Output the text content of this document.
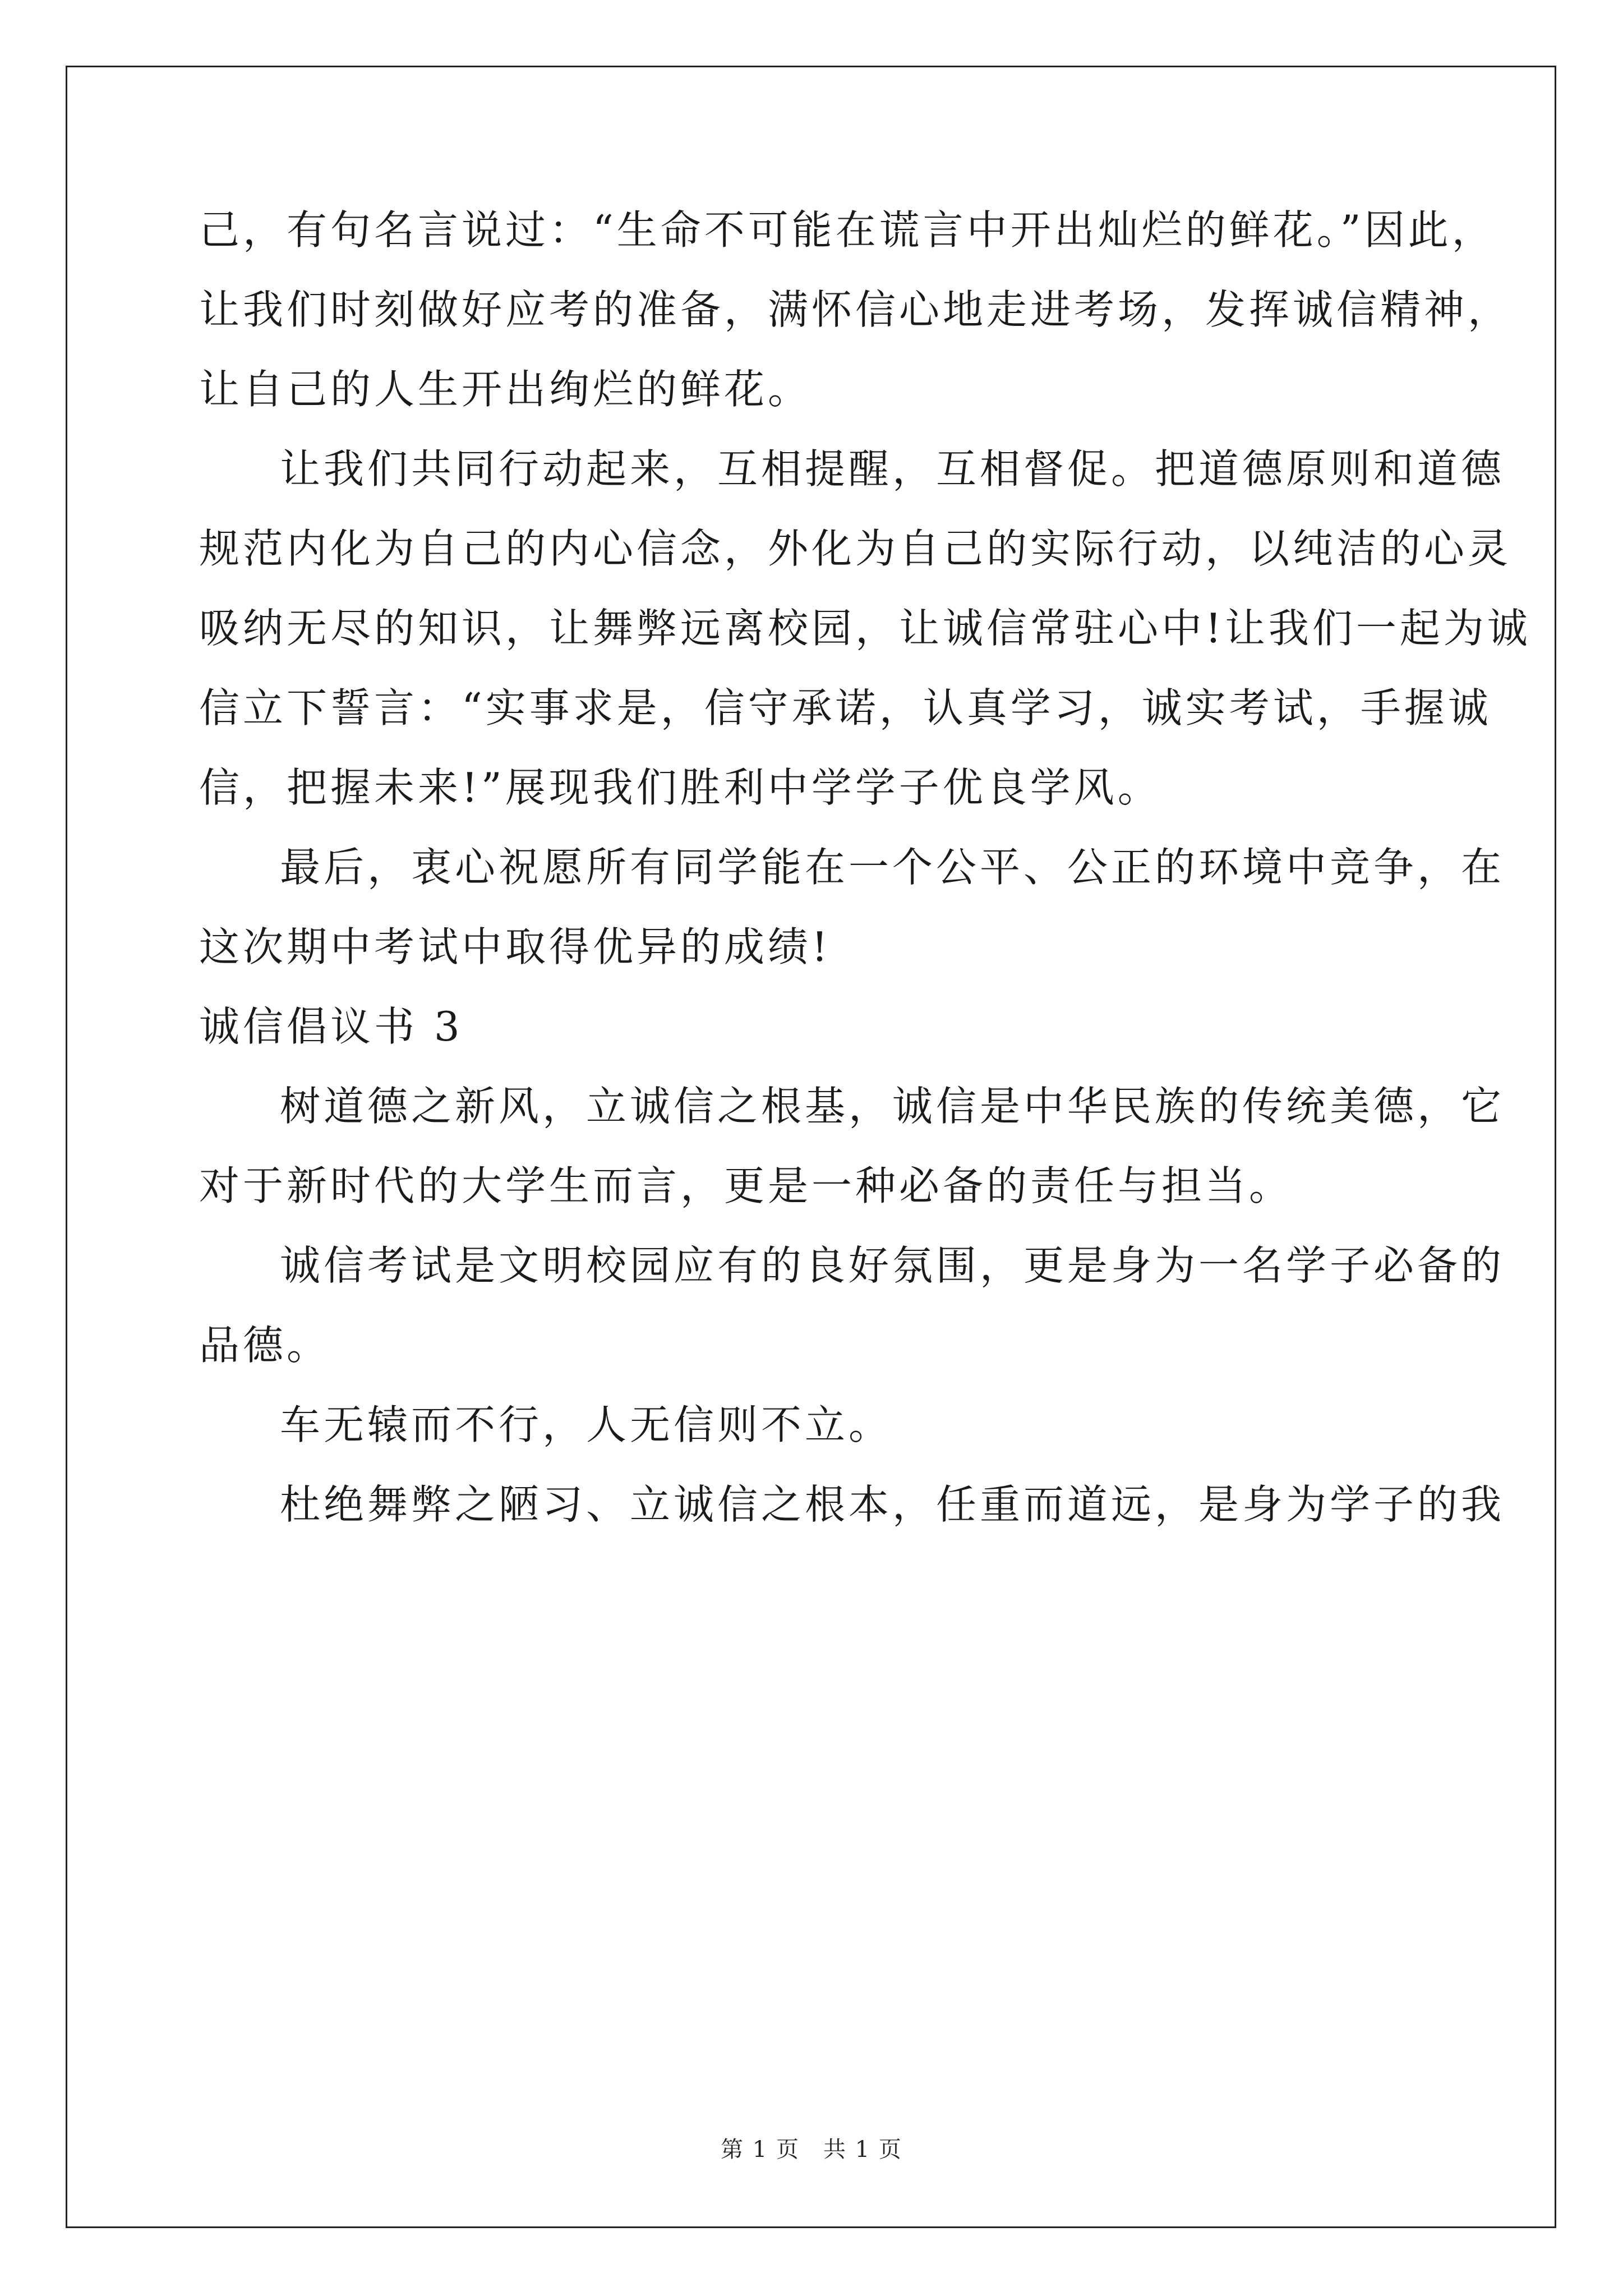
己，有句名言说过：“生命不可能在谎言中开出灿烂的鲜花。”因此，
让我们时刻做好应考的准备，满怀信心地走进考场，发挥诚信精神，
让自己的人生开出绚烂的鲜花。
让我们共同行动起来，互相提醒，互相督促。把道德原则和道德
规范内化为自己的内心信念，外化为自己的实际行动，以纯洁的心灵
吸纳无尽的知识，让舞弊远离校园，让诚信常驻心中!让我们一起为诚
信立下誓言：“实事求是，信守承诺，认真学习，诚实考试，手握诚
信，把握未来!”展现我们胜利中学学子优良学风。
最后，衷心祝愿所有同学能在一个公平、公正的环境中竞争，在
这次期中考试中取得优异的成绩!
诚信倡议书 3
树道德之新风，立诚信之根基，诚信是中华民族的传统美德，它
对于新时代的大学生而言，更是一种必备的责任与担当。
诚信考试是文明校园应有的良好氛围，更是身为一名学子必备的
品德。
车无辕而不行，人无信则不立。
杜绝舞弊之陋习、立诚信之根本，任重而道远，是身为学子的我
第 1 页　共 1 页
